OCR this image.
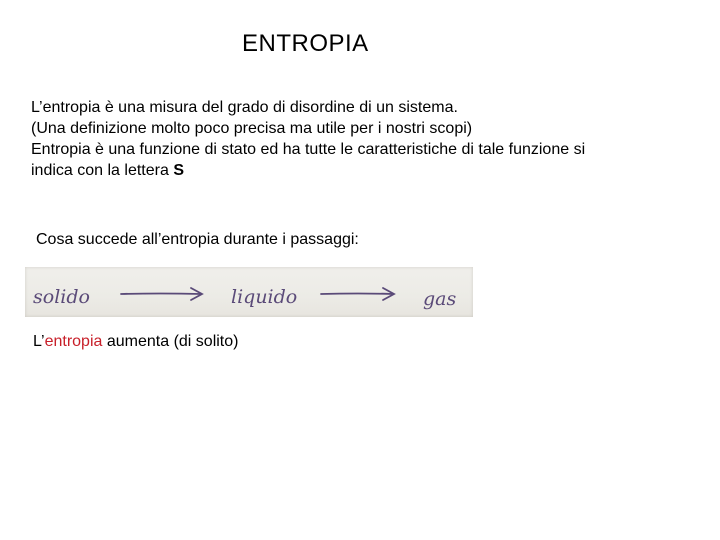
ENTROPIA
L’entropia è una misura del grado di disordine di un sistema.
(Una definizione molto poco precisa ma utile per i nostri scopi)
Entropia è una funzione di stato ed ha tutte le caratteristiche di tale funzione si
indica con la lettera S
Cosa succede all’entropia durante i passaggi:
solido	liquido	gas
L’entropia aumenta (di solito)
